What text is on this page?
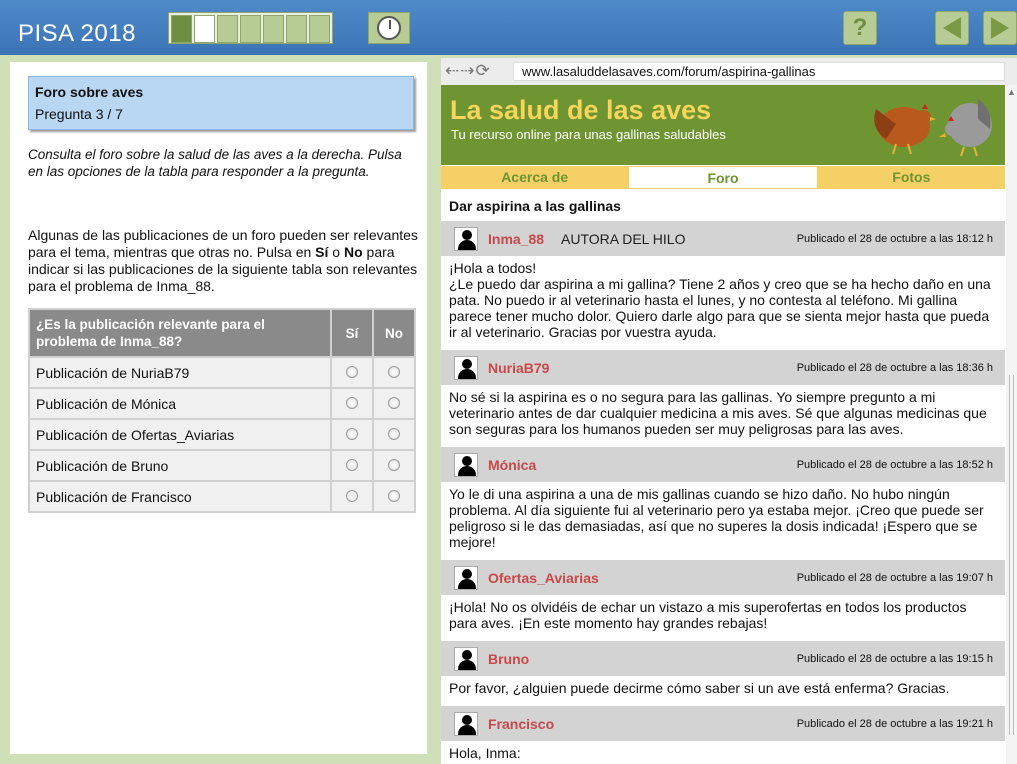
PISA 2018	?
Foro sobre aves
Pregunta 3 / 7
Consulta el foro sobre la salud de las aves a la derecha. Pulsa en las opciones de la tabla para responder a la pregunta.
Algunas de las publicaciones de un foro pueden ser relevantes para el tema, mientras que otras no. Pulsa en Sí o No para indicar si las publicaciones de la siguiente tabla son relevantes para el problema de Inma_88.
¿Es la publicación relevante para el problema de Inma_88?	Sí	No
Publicación de NuriaB79		
Publicación de Mónica		
Publicación de Ofertas_Aviarias		
Publicación de Bruno		
Publicación de Francisco		
⇠⇢⟳	www.lasaluddelasaves.com/forum/aspirina-gallinas
La salud de las aves
Tu recurso online para unas gallinas saludables
Acerca de	Foro	Fotos
Dar aspirina a las gallinas
Inma_88 AUTORA DEL HILO	Publicado el 28 de octubre a las 18:12 h

¡Hola a todos!
¿Le puedo dar aspirina a mi gallina? Tiene 2 años y creo que se ha hecho daño en una pata. No puedo ir al veterinario hasta el lunes, y no contesta al teléfono. Mi gallina parece tener mucho dolor. Quiero darle algo para que se sienta mejor hasta que pueda ir al veterinario. Gracias por vuestra ayuda.

NuriaB79	Publicado el 28 de octubre a las 18:36 h

No sé si la aspirina es o no segura para las gallinas. Yo siempre pregunto a mi veterinario antes de dar cualquier medicina a mis aves. Sé que algunas medicinas que son seguras para los humanos pueden ser muy peligrosas para las aves.

Mónica	Publicado el 28 de octubre a las 18:52 h

Yo le di una aspirina a una de mis gallinas cuando se hizo daño. No hubo ningún problema. Al día siguiente fui al veterinario pero ya estaba mejor. ¡Creo que puede ser peligroso si le das demasiadas, así que no superes la dosis indicada! ¡Espero que se mejore!

Ofertas_Aviarias	Publicado el 28 de octubre a las 19:07 h

¡Hola! No os olvidéis de echar un vistazo a mis superofertas en todos los productos para aves. ¡En este momento hay grandes rebajas!

Bruno	Publicado el 28 de octubre a las 19:15 h

Por favor, ¿alguien puede decirme cómo saber si un ave está enferma? Gracias.

Francisco	Publicado el 28 de octubre a las 19:21 h

Hola, Inma:

▲
